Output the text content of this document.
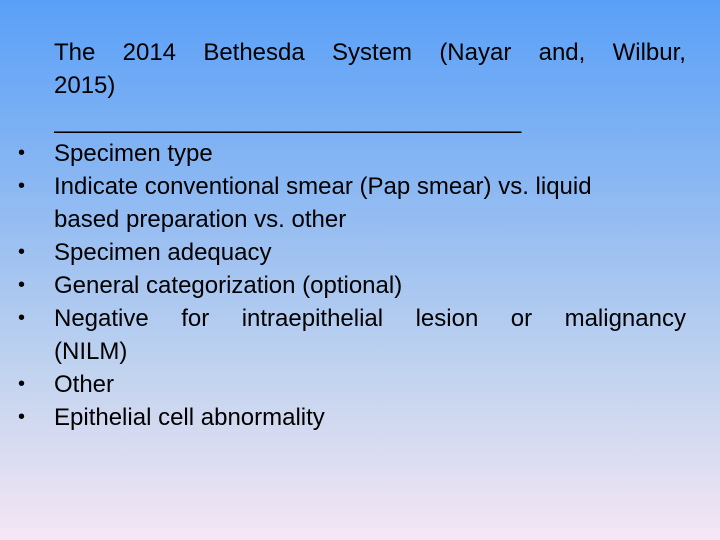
The 2014 Bethesda System (Nayar and, Wilbur,
2015)
___________________________________
•	Specimen type
•	Indicate conventional smear (Pap smear) vs. liquid
based preparation vs. other
•	Specimen adequacy
•	General categorization (optional)
•	Negative for intraepithelial lesion or malignancy
(NILM)
•	Other
•	Epithelial cell abnormality
